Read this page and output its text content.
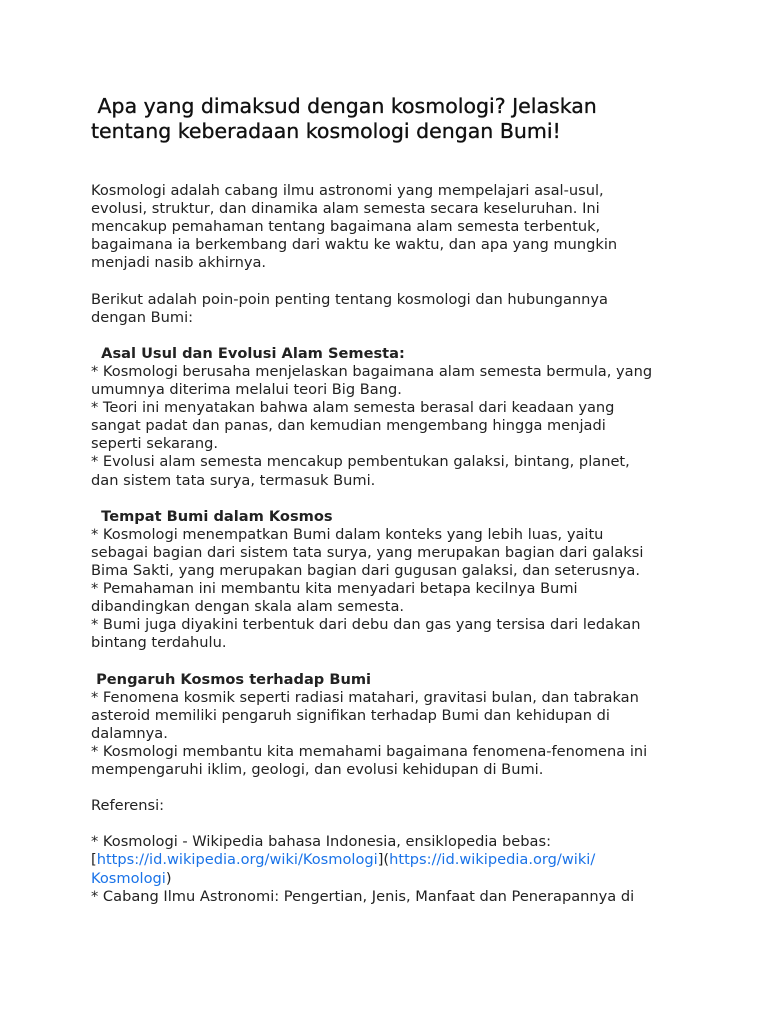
Apa yang dimaksud dengan kosmologi? Jelaskan
tentang keberadaan kosmologi dengan Bumi!
Kosmologi adalah cabang ilmu astronomi yang mempelajari asal-usul,
evolusi, struktur, dan dinamika alam semesta secara keseluruhan. Ini
mencakup pemahaman tentang bagaimana alam semesta terbentuk,
bagaimana ia berkembang dari waktu ke waktu, dan apa yang mungkin
menjadi nasib akhirnya.
Berikut adalah poin-poin penting tentang kosmologi dan hubungannya
dengan Bumi:
Asal Usul dan Evolusi Alam Semesta:
* Kosmologi berusaha menjelaskan bagaimana alam semesta bermula, yang
umumnya diterima melalui teori Big Bang.
* Teori ini menyatakan bahwa alam semesta berasal dari keadaan yang
sangat padat dan panas, dan kemudian mengembang hingga menjadi
seperti sekarang.
* Evolusi alam semesta mencakup pembentukan galaksi, bintang, planet,
dan sistem tata surya, termasuk Bumi.
Tempat Bumi dalam Kosmos
* Kosmologi menempatkan Bumi dalam konteks yang lebih luas, yaitu
sebagai bagian dari sistem tata surya, yang merupakan bagian dari galaksi
Bima Sakti, yang merupakan bagian dari gugusan galaksi, dan seterusnya.
* Pemahaman ini membantu kita menyadari betapa kecilnya Bumi
dibandingkan dengan skala alam semesta.
* Bumi juga diyakini terbentuk dari debu dan gas yang tersisa dari ledakan
bintang terdahulu.
Pengaruh Kosmos terhadap Bumi
* Fenomena kosmik seperti radiasi matahari, gravitasi bulan, dan tabrakan
asteroid memiliki pengaruh signifikan terhadap Bumi dan kehidupan di
dalamnya.
* Kosmologi membantu kita memahami bagaimana fenomena-fenomena ini
mempengaruhi iklim, geologi, dan evolusi kehidupan di Bumi.
Referensi:
* Kosmologi - Wikipedia bahasa Indonesia, ensiklopedia bebas:
[https://id.wikipedia.org/wiki/Kosmologi](https://id.wikipedia.org/wiki/
Kosmologi)
* Cabang Ilmu Astronomi: Pengertian, Jenis, Manfaat dan Penerapannya di
